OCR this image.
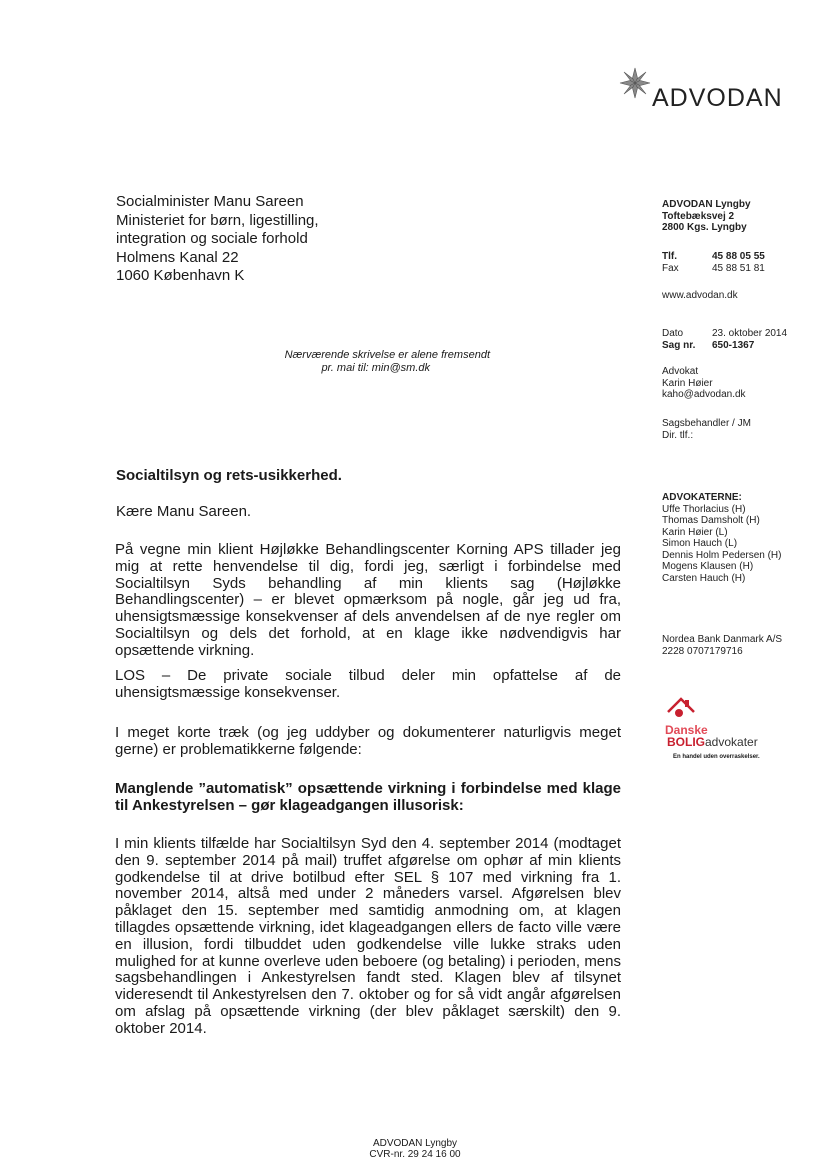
ADVODAN
Socialminister Manu Sareen
Ministeriet for børn, ligestilling,
integration og sociale forhold
Holmens Kanal 22
1060 København K
Nærværende skrivelse er alene fremsendt
pr. mai til: min@sm.dk
ADVODAN Lyngby
Toftebæksvej 2
2800 Kgs. Lyngby
Tlf.	45 88 05 55
Fax	45 88 51 81
www.advodan.dk
Dato	23. oktober 2014
Sag nr.	650-1367
Advokat
Karin Høier
kaho@advodan.dk
Sagsbehandler / JM
Dir. tlf.:
ADVOKATERNE:
Uffe Thorlacius (H)
Thomas Damsholt (H)
Karin Høier (L)
Simon Hauch (L)
Dennis Holm Pedersen (H)
Mogens Klausen (H)
Carsten Hauch (H)
Nordea Bank Danmark A/S
2228 0707179716
Danske
BOLIGadvokater
En handel uden overraskelser.
Socialtilsyn og rets-usikkerhed.
Kære Manu Sareen.

På vegne min klient Højløkke Behandlingscenter Korning APS tillader jeg mig at rette henvendelse til dig, fordi jeg, særligt i forbindelse med Socialtilsyn Syds behandling af min klients sag (Højløkke Behandlingscenter) – er blevet opmærksom på nogle, går jeg ud fra, uhensigtsmæssige konsekvenser af dels anvendelsen af de nye regler om Socialtilsyn og dels det forhold, at en klage ikke nødvendigvis har opsættende virkning.

LOS – De private sociale tilbud deler min opfattelse af de uhensigtsmæssige konsekvenser.

I meget korte træk (og jeg uddyber og dokumenterer naturligvis meget gerne) er problematikkerne følgende:

Manglende ”automatisk” opsættende virkning i forbindelse med klage til Ankestyrelsen – gør klageadgangen illusorisk:

I min klients tilfælde har Socialtilsyn Syd den 4. september 2014 (modtaget den 9. september 2014 på mail) truffet afgørelse om ophør af min klients godkendelse til at drive botilbud efter SEL § 107 med virkning fra 1. november 2014, altså med under 2 måneders varsel. Afgørelsen blev påklaget den 15. september med samtidig anmodning om, at klagen tillagdes opsættende virkning, idet klageadgangen ellers de facto ville være en illusion, fordi tilbuddet uden godkendelse ville lukke straks uden mulighed for at kunne overleve uden beboere (og betaling) i perioden, mens sagsbehandlingen i Ankestyrelsen fandt sted. Klagen blev af tilsynet videresendt til Ankestyrelsen den 7. oktober og for så vidt angår afgørelsen om afslag på opsættende virkning (der blev påklaget særskilt) den 9. oktober 2014.

ADVODAN Lyngby
CVR-nr. 29 24 16 00
